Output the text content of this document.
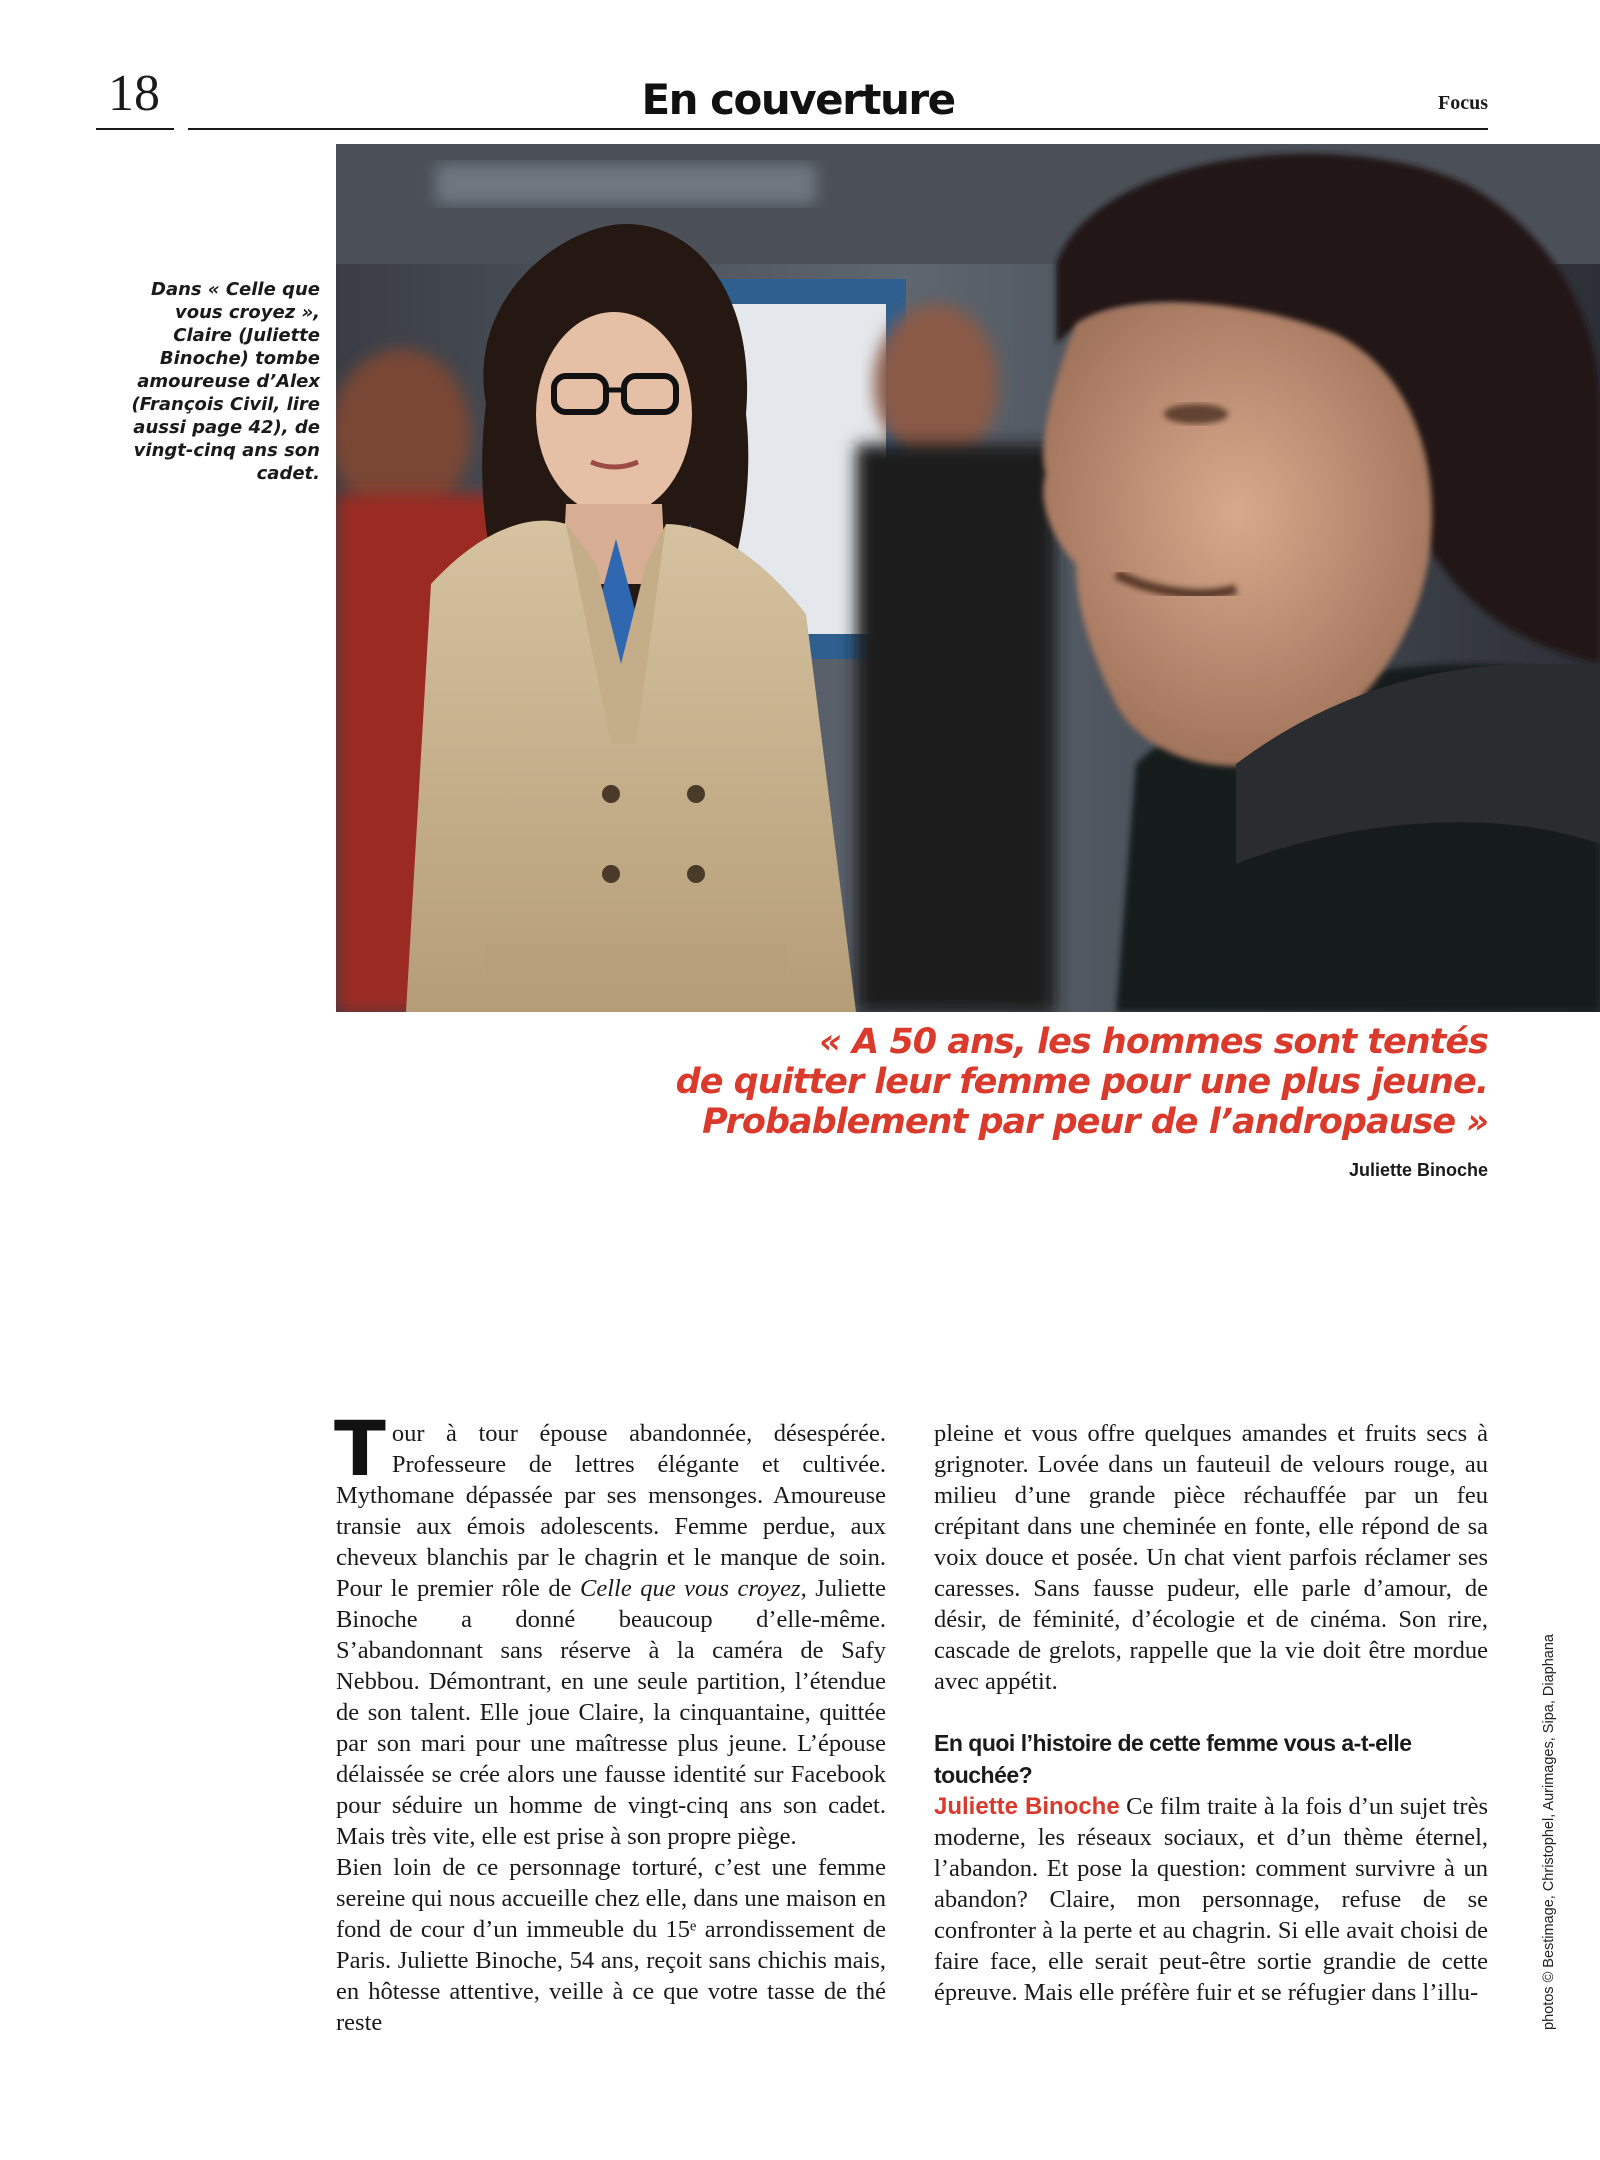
18	En couverture	Focus
Dans « Celle que vous croyez », Claire (Juliette Binoche) tombe amoureuse d’Alex (François Civil, lire aussi page 42), de vingt-cinq ans son cadet.
« A 50 ans, les hommes sont tentés
de quitter leur femme pour une plus jeune.
Probablement par peur de l’andropause »
Juliette Binoche

Tour à tour épouse abandonnée, désespérée. Professeure de lettres élégante et cultivée. Mythomane dépassée par ses mensonges. Amoureuse transie aux émois adolescents. Femme perdue, aux cheveux blanchis par le chagrin et le manque de soin. Pour le premier rôle de Celle que vous croyez, Juliette Binoche a donné beaucoup d’elle-même. S’abandonnant sans réserve à la caméra de Safy Nebbou. Démontrant, en une seule partition, l’étendue de son talent. Elle joue Claire, la cinquantaine, quittée par son mari pour une maîtresse plus jeune. L’épouse délaissée se crée alors une fausse identité sur Facebook pour séduire un homme de vingt-cinq ans son cadet. Mais très vite, elle est prise à son propre piège.

Bien loin de ce personnage torturé, c’est une femme sereine qui nous accueille chez elle, dans une maison en fond de cour d’un immeuble du 15ᵉ arrondissement de Paris. Juliette Binoche, 54 ans, reçoit sans chichis mais, en hôtesse attentive, veille à ce que votre tasse de thé reste

pleine et vous offre quelques amandes et fruits secs à grignoter. Lovée dans un fauteuil de velours rouge, au milieu d’une grande pièce réchauffée par un feu crépitant dans une cheminée en fonte, elle répond de sa voix douce et posée. Un chat vient parfois réclamer ses caresses. Sans fausse pudeur, elle parle d’amour, de désir, de féminité, d’écologie et de cinéma. Son rire, cascade de grelots, rappelle que la vie doit être mordue avec appétit.

En quoi l’histoire de cette femme vous a-t-elle touchée?

Juliette Binoche Ce film traite à la fois d’un sujet très moderne, les réseaux sociaux, et d’un thème éternel, l’abandon. Et pose la question: comment survivre à un abandon? Claire, mon personnage, refuse de se confronter à la perte et au chagrin. Si elle avait choisi de faire face, elle serait peut-être sortie grandie de cette épreuve. Mais elle préfère fuir et se réfugier dans l’illu-	photos © Bestimage, Christophel, Aurimages, Sipa, Diaphana
